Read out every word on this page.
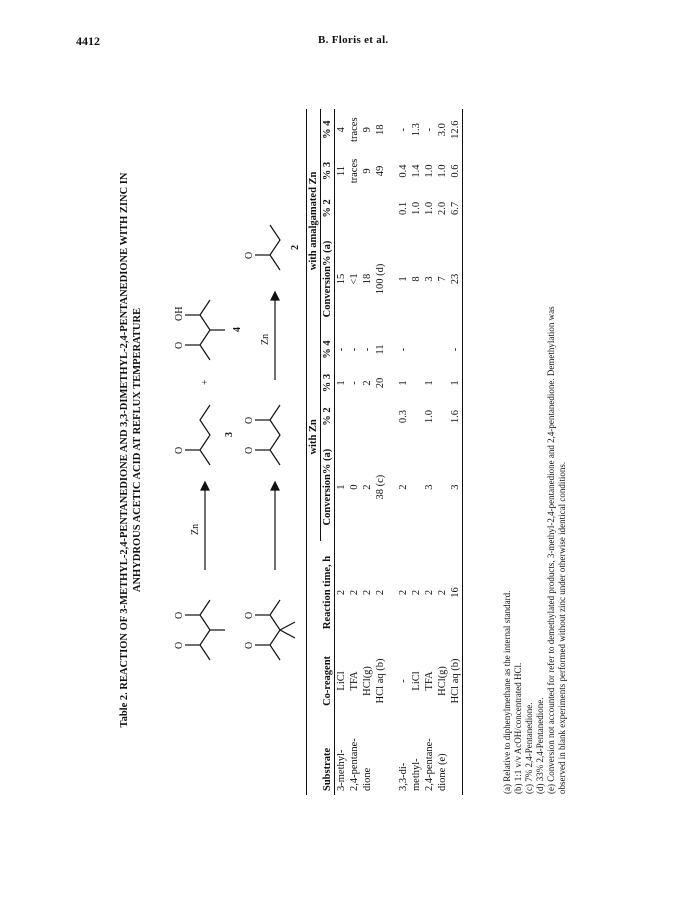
4412	B. Floris et al.
Table 2. REACTION OF 3-METHYL-2,4-PENTANEDIONE AND 3,3-DIMETHYL-2,4-PENTANEDIONE WITH ZINC IN ANHYDROUS ACETIC ACID AT REFLUX TEMPERATURE
O
O
Zn
O
3
+
O
OH
4
O
O
O
O
Zn
O
2
			with Zn				with amalgamated Zn			
Substrate	Co-reagent	Reaction time, h	Conversion% (a)	% 2	% 3	% 4	Conversion% (a)	% 2	% 3	% 4
3-methyl-	LiCl	2	1		1	-	15		11	4
2,4-pentane-	TFA	2	0		-	-	<1		traces	traces
dione	HCl(g)	2	2		2	-	18		9	9
	HCl aq (b)	2	38 (c)		20	11	100 (d)		49	18
3,3-di-	-	2	2	0.3	1	-	1	0.1	0.4	-
methyl-	LiCl	2					8	1.0	1.4	1.3
2,4-pentane-	TFA	2	3	1.0	1		3	1.0	1.0	-
dione (e)	HCl(g)	2					7	2.0	1.0	3.0
	HCl aq (b)	16	3	1.6	1	-	23	6.7	0.6	12.6
(a) Relative to diphenylmethane as the internal standard. (b) 1:1 v/v AcOH/concentrated HCl. (c) 7% 2,4-Pentanedione. (d) 33% 2,4-Pentanedione. (e) Conversion not accounted for refer to demethylated products, 3-methyl-2,4-pentanedione and 2,4-pentanedione. Demethylation was observed in blank experiments performed without zinc under otherwise identical conditions.
